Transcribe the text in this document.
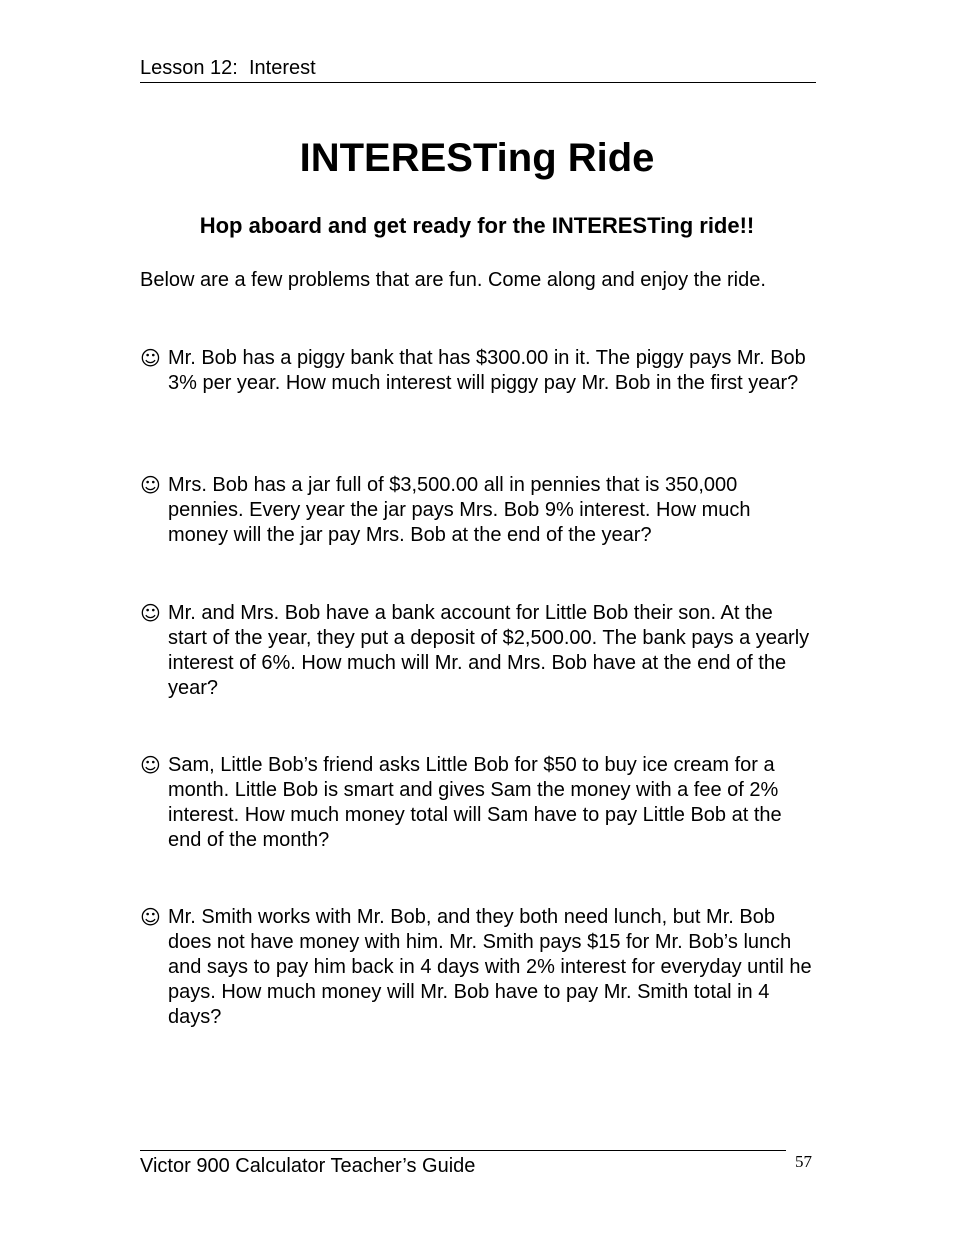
Lesson 12:  Interest
INTERESTing Ride
Hop aboard and get ready for the INTERESTing ride!!
Below are a few problems that are fun. Come along and enjoy the ride.
☺ Mr. Bob has a piggy bank that has $300.00 in it. The piggy pays Mr. Bob 3% per year. How much interest will piggy pay Mr. Bob in the first year?
☺ Mrs. Bob has a jar full of $3,500.00 all in pennies that is 350,000 pennies. Every year the jar pays Mrs. Bob 9% interest. How much money will the jar pay Mrs. Bob at the end of the year?
☺ Mr. and Mrs. Bob have a bank account for Little Bob their son. At the start of the year, they put a deposit of $2,500.00. The bank pays a yearly interest of 6%. How much will Mr. and Mrs. Bob have at the end of the year?
☺ Sam, Little Bob’s friend asks Little Bob for $50 to buy ice cream for a month. Little Bob is smart and gives Sam the money with a fee of 2% interest. How much money total will Sam have to pay Little Bob at the end of the month?
☺ Mr. Smith works with Mr. Bob, and they both need lunch, but Mr. Bob does not have money with him. Mr. Smith pays $15 for Mr. Bob’s lunch and says to pay him back in 4 days with 2% interest for everyday until he pays. How much money will Mr. Bob have to pay Mr. Smith total in 4 days?
Victor 900 Calculator Teacher’s Guide	57
